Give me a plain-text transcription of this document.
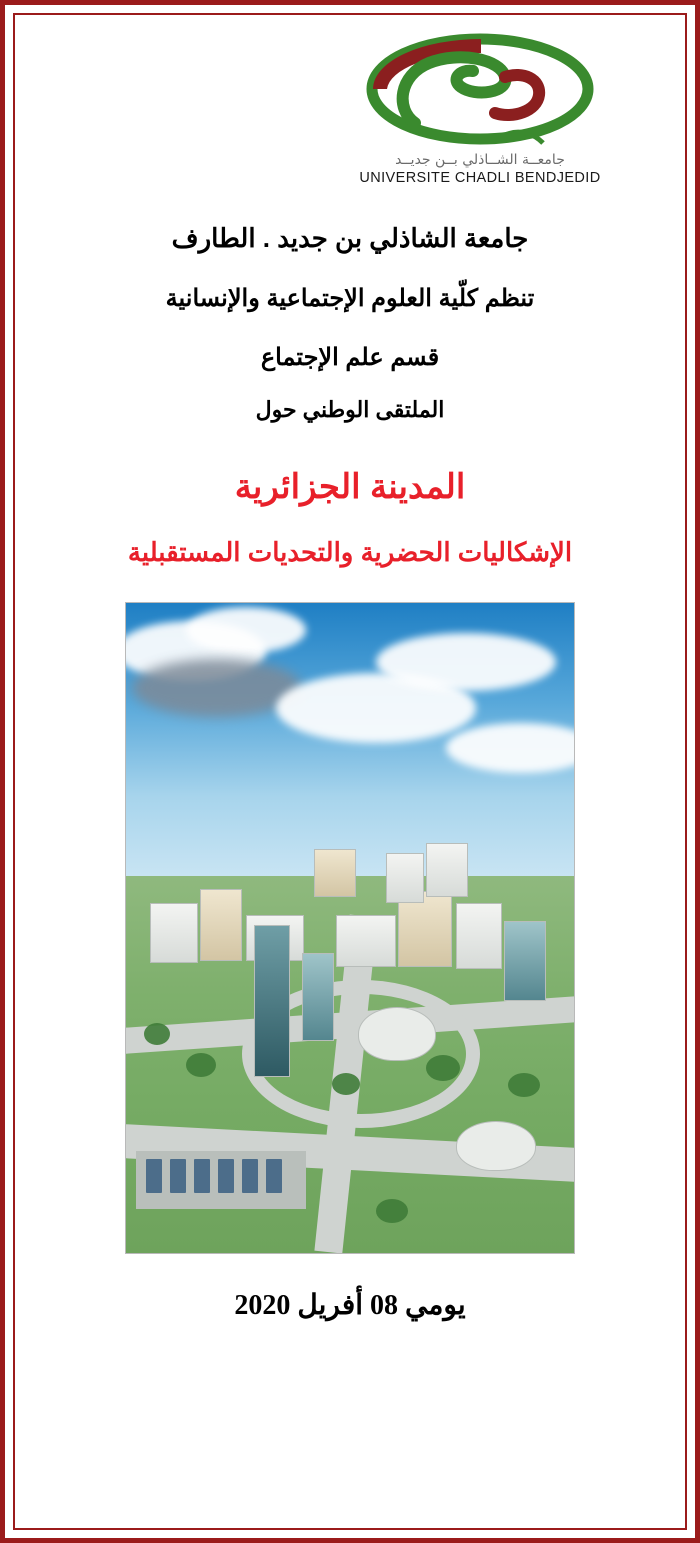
جامعــة الشــاذلي بــن جديــد
UNIVERSITE CHADLI BENDJEDID
جامعة الشاذلي بن جديد . الطارف
تنظم كلّية العلوم الإجتماعية والإنسانية
قسم علم الإجتماع
الملتقى الوطني حول
المدينة الجزائرية
الإشكاليات الحضرية والتحديات المستقبلية
يومي 08 أفريل 2020
